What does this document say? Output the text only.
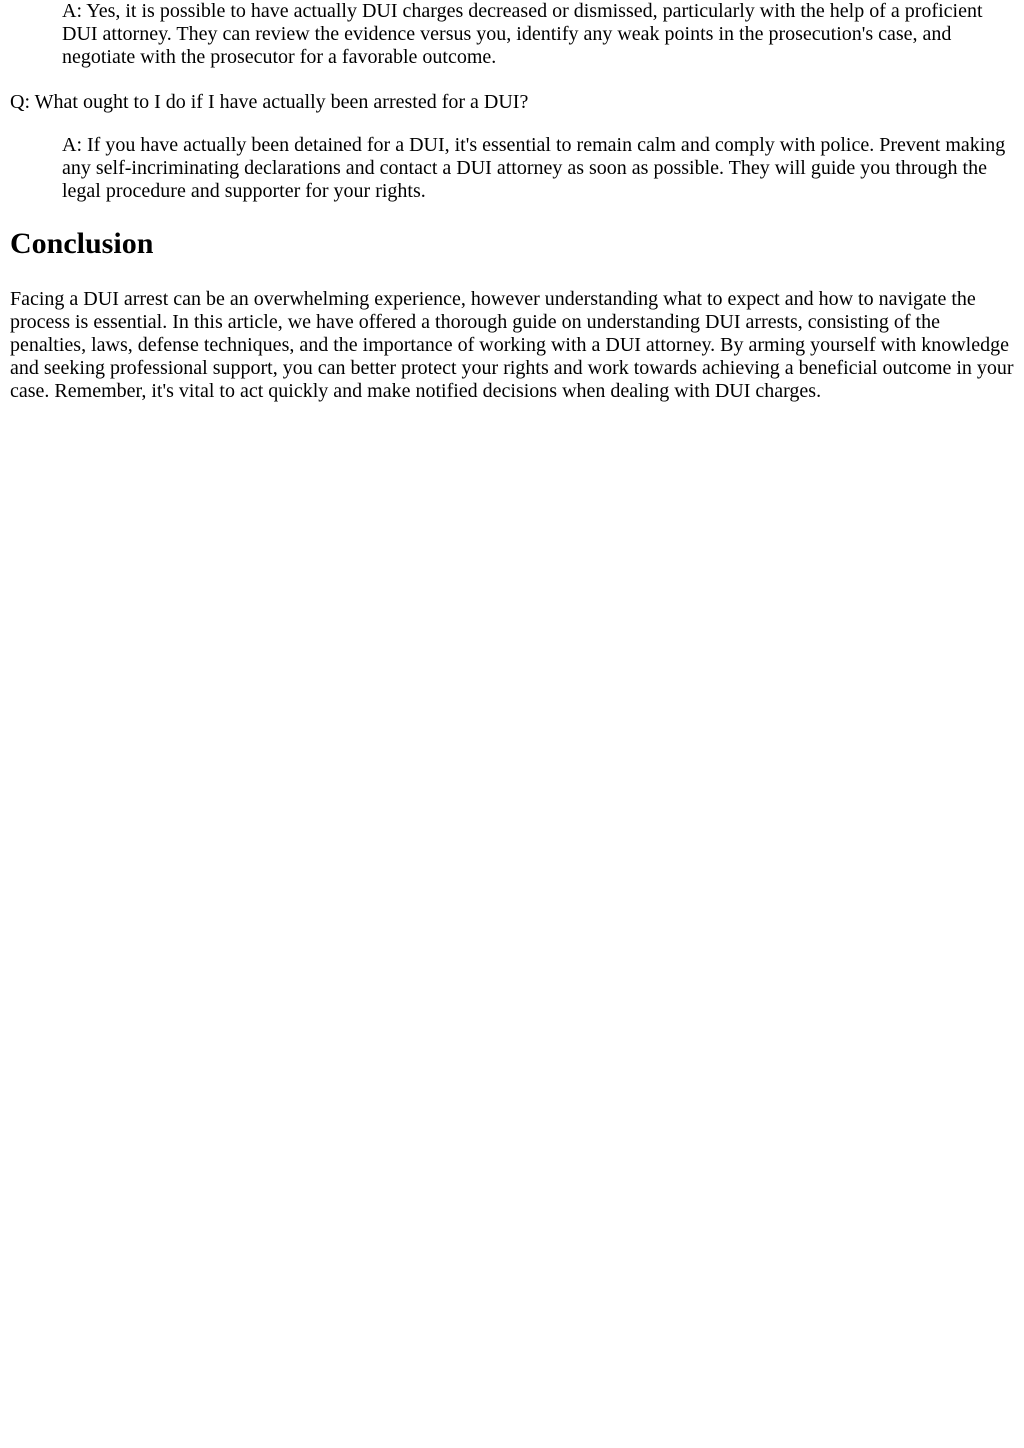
A: Yes, it is possible to have actually DUI charges decreased or dismissed, particularly with the help of a proficient DUI attorney. They can review the evidence versus you, identify any weak points in the prosecution's case, and negotiate with the prosecutor for a favorable outcome.

Q: What ought to I do if I have actually been arrested for a DUI?

A: If you have actually been detained for a DUI, it's essential to remain calm and comply with police. Prevent making any self-incriminating declarations and contact a DUI attorney as soon as possible. They will guide you through the legal procedure and supporter for your rights.

Conclusion

Facing a DUI arrest can be an overwhelming experience, however understanding what to expect and how to navigate the process is essential. In this article, we have offered a thorough guide on understanding DUI arrests, consisting of the penalties, laws, defense techniques, and the importance of working with a DUI attorney. By arming yourself with knowledge and seeking professional support, you can better protect your rights and work towards achieving a beneficial outcome in your case. Remember, it's vital to act quickly and make notified decisions when dealing with DUI charges.
